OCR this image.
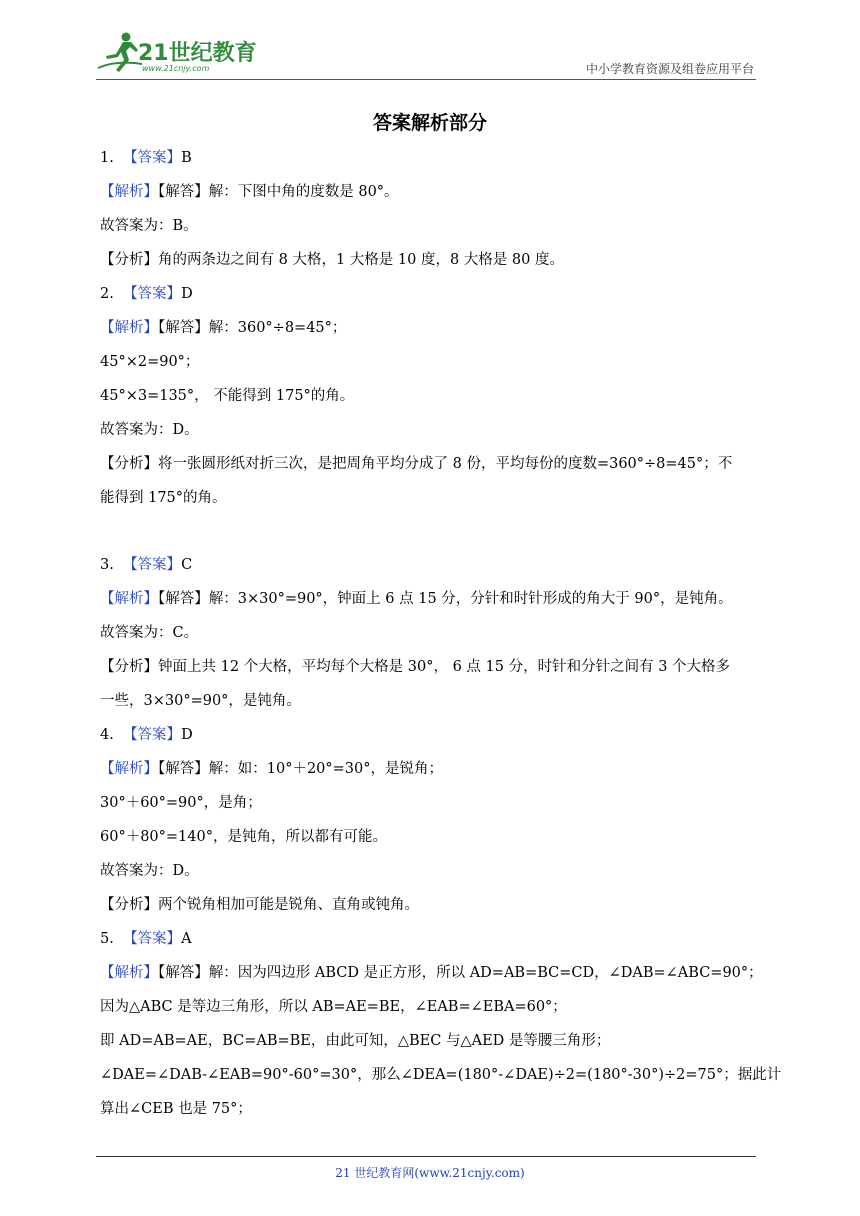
21世纪教育
www.21cnjy.com	中小学教育资源及组卷应用平台
答案解析部分
1. 【答案】B
【解析】【解答】解：下图中角的度数是 80°。
故答案为：B。
【分析】角的两条边之间有 8 大格，1 大格是 10 度，8 大格是 80 度。
2. 【答案】D
【解析】【解答】解：360°÷8=45°；
45°×2=90°；
45°×3=135°， 不能得到 175°的角。
故答案为：D。
【分析】将一张圆形纸对折三次，是把周角平均分成了 8 份，平均每份的度数=360°÷8=45°；不
能得到 175°的角。
3. 【答案】C
【解析】【解答】解：3×30°=90°，钟面上 6 点 15 分，分针和时针形成的角大于 90°，是钝角。
故答案为：C。
【分析】钟面上共 12 个大格，平均每个大格是 30°， 6 点 15 分，时针和分针之间有 3 个大格多
一些，3×30°=90°，是钝角。
4. 【答案】D
【解析】【解答】解：如：10°＋20°=30°，是锐角；
30°＋60°=90°，是角；
60°＋80°=140°，是钝角，所以都有可能。
故答案为：D。
【分析】两个锐角相加可能是锐角、直角或钝角。
5. 【答案】A
【解析】【解答】解：因为四边形 ABCD 是正方形，所以 AD=AB=BC=CD，∠DAB=∠ABC=90°；
因为△ABC 是等边三角形，所以 AB=AE=BE，∠EAB=∠EBA=60°；
即 AD=AB=AE，BC=AB=BE，由此可知，△BEC 与△AED 是等腰三角形；
∠DAE=∠DAB-∠EAB=90°-60°=30°，那么∠DEA=(180°-∠DAE)÷2=(180°-30°)÷2=75°；据此计
算出∠CEB 也是 75°；
21 世纪教育网(www.21cnjy.com)
